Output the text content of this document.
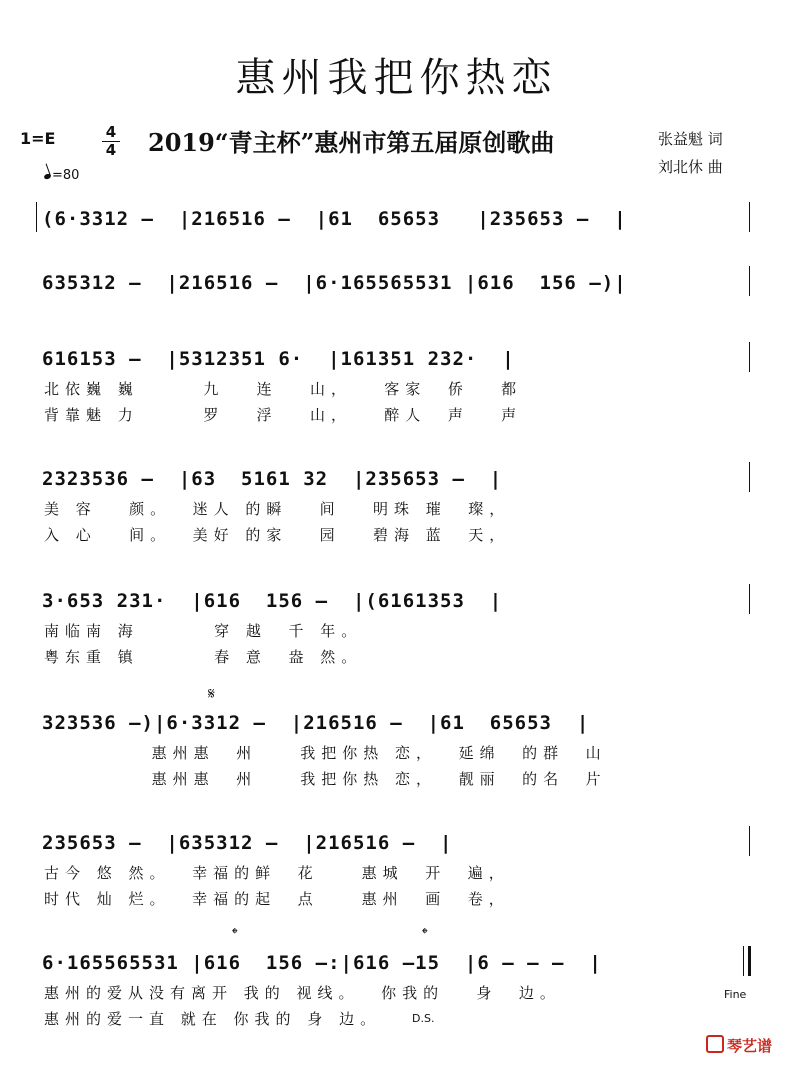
惠州我把你热恋
1=E	4
4 2019“青主杯”惠州市第五届原创歌曲	张益魁 词
刘北休 曲
=80
(6·3312 –  |216516 –  |61  65653   |235653 –  |
635312 –  |216516 –  |6·165565531 |616  156 –)|
616153 –  |5312351 6·  |161351 232·  |
北依巍 巍      九   连   山，   客家  侨   都
背靠魅 力      罗   浮   山，   醉人  声   声
2323536 –  |63  5161 32  |235653 –  |
美 容   颜。  迷人 的瞬   间   明珠 璀  璨，
入 心   间。  美好 的家   园   碧海 蓝  天，
3·653 231·  |616  156 –  |(6161353  |
南临南 海       穿 越  千 年。
粤东重 镇       春 意  盎 然。
𝄋
323536 –)|6·3312 –  |216516 –  |61  65653  |
惠州惠  州    我把你热 恋，  延绵  的群  山
惠州惠  州    我把你热 恋，  靓丽  的名  片
235653 –  |635312 –  |216516 –  |
古今 悠 然。  幸福的鲜  花    惠城  开  遍，
时代 灿 烂。  幸福的起  点    惠州  画  卷，
𝄌	𝄌
6·165565531 |616  156 –:|616 –15  |6 – – –  |
惠州的爱从没有离开 我的 视线。  你我的   身  边。
惠州的爱一直 就在 你我的 身 边。
Fine
D.S.
琴艺谱
